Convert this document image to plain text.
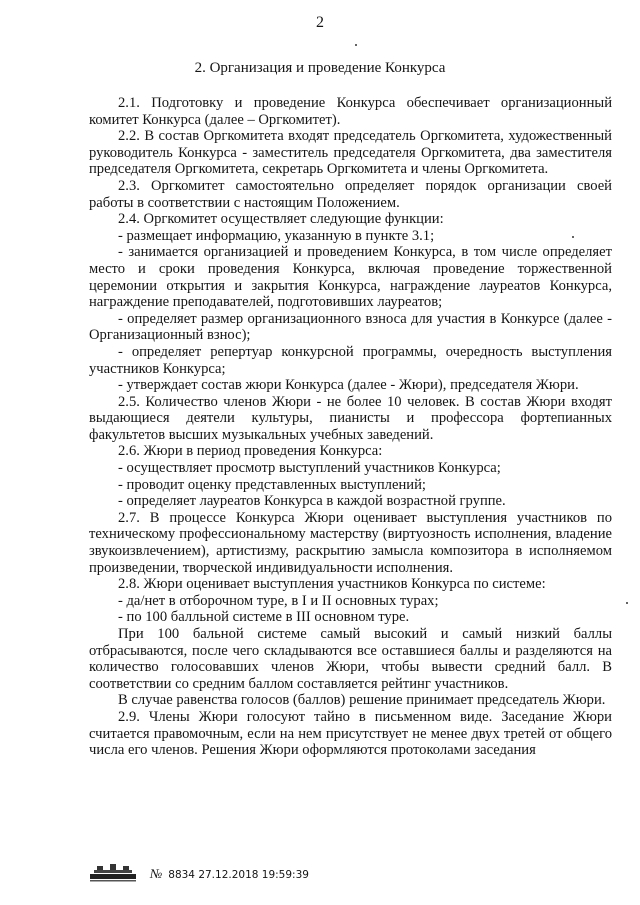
2
2. Организация и проведение Конкурса

2.1. Подготовку и проведение Конкурса обеспечивает организационный комитет Конкурса (далее – Оргкомитет).

2.2. В состав Оргкомитета входят председатель Оргкомитета, художественный руководитель Конкурса - заместитель председателя Оргкомитета, два заместителя председателя Оргкомитета, секретарь Оргкомитета и члены Оргкомитета.

2.3. Оргкомитет самостоятельно определяет порядок организации своей работы в соответствии с настоящим Положением.

2.4. Оргкомитет осуществляет следующие функции:

- размещает информацию, указанную в пункте 3.1;

- занимается организацией и проведением Конкурса, в том числе определяет место и сроки проведения Конкурса, включая проведение торжественной церемонии открытия и закрытия Конкурса, награждение лауреатов Конкурса, награждение преподавателей, подготовивших лауреатов;

- определяет размер организационного взноса для участия в Конкурсе (далее - Организационный взнос);

- определяет репертуар конкурсной программы, очередность выступления участников Конкурса;

- утверждает состав жюри Конкурса (далее - Жюри), председателя Жюри.

2.5. Количество членов Жюри - не более 10 человек. В состав Жюри входят выдающиеся деятели культуры, пианисты и профессора фортепианных факультетов высших музыкальных учебных заведений.

2.6. Жюри в период проведения Конкурса:

- осуществляет просмотр выступлений участников Конкурса;

- проводит оценку представленных выступлений;

- определяет лауреатов Конкурса в каждой возрастной группе.

2.7. В процессе Конкурса Жюри оценивает выступления участников по техническому профессиональному мастерству (виртуозность исполнения, владение звукоизвлечением), артистизму, раскрытию замысла композитора в исполняемом произведении, творческой индивидуальности исполнения.

2.8. Жюри оценивает выступления участников Конкурса по системе:

- да/нет в отборочном туре, в I и II основных турах;

- по 100 балльной системе в III основном туре.

При 100 бальной системе самый высокий и самый низкий баллы отбрасываются, после чего складываются все оставшиеся баллы и разделяются на количество голосовавших членов Жюри, чтобы вывести средний балл. В соответствии со средним баллом составляется рейтинг участников.

В случае равенства голосов (баллов) решение принимает председатель Жюри.

2.9. Члены Жюри голосуют тайно в письменном виде. Заседание Жюри считается правомочным, если на нем присутствует не менее двух третей от общего числа его членов. Решения Жюри оформляются протоколами заседания

№ 8834 27.12.2018 19:59:39
